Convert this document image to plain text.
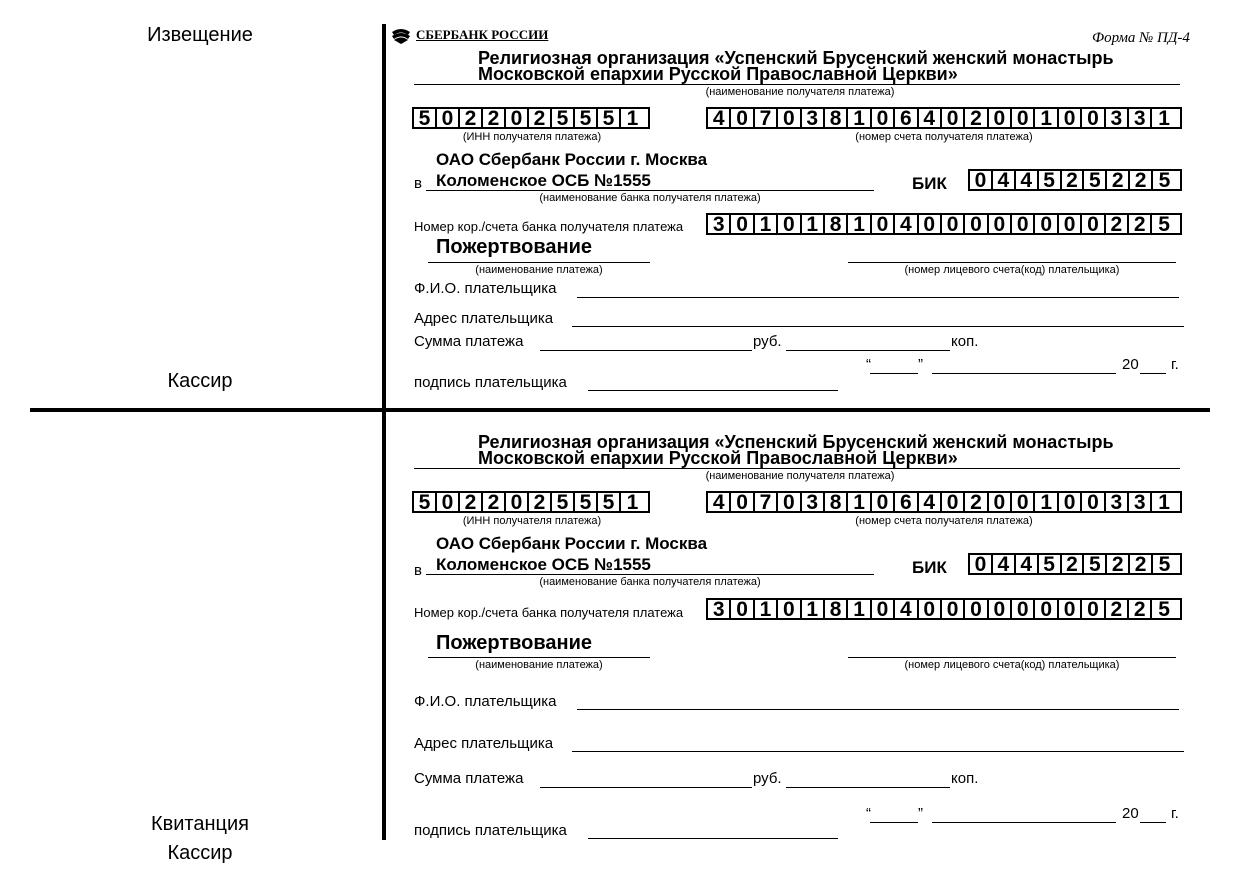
Извещение
Кассир
Квитанция
Кассир
СБЕРБАНК РОССИИ	Форма № ПД-4
Религиозная организация «Успенский Брусенский женский монастырь
Московской епархии Русской Православной Церкви»
(наименование получателя платежа)
5 0 2 2 0 2 5 5 5 1
(ИНН получателя платежа)
4 0 7 0 3 8 1 0 6 4 0 2 0 0 1 0 0 3 3 1
(номер счета получателя платежа)
ОАО Сбербанк России г. Москва
в Коломенское ОСБ №1555
(наименование банка получателя платежа)
БИК 0 4 4 5 2 5 2 2 5
Номер кор./счета банка получателя платежа 3 0 1 0 1 8 1 0 4 0 0 0 0 0 0 0 0 2 2 5
Пожертвование
(наименование платежа)	(номер лицевого счета(код) плательщика)
Ф.И.О. плательщика
Адрес плательщика
Сумма платежа	руб.	коп.
“	”	20 г.
подпись плательщика
Религиозная организация «Успенский Брусенский женский монастырь
Московской епархии Русской Православной Церкви»
(наименование получателя платежа)
5 0 2 2 0 2 5 5 5 1
(ИНН получателя платежа)
4 0 7 0 3 8 1 0 6 4 0 2 0 0 1 0 0 3 3 1
(номер счета получателя платежа)
ОАО Сбербанк России г. Москва
в Коломенское ОСБ №1555
(наименование банка получателя платежа)
БИК 0 4 4 5 2 5 2 2 5
Номер кор./счета банка получателя платежа 3 0 1 0 1 8 1 0 4 0 0 0 0 0 0 0 0 2 2 5
Пожертвование
(наименование платежа)	(номер лицевого счета(код) плательщика)
Ф.И.О. плательщика
Адрес плательщика
Сумма платежа	руб.	коп.
“	”	20 г.
подпись плательщика
